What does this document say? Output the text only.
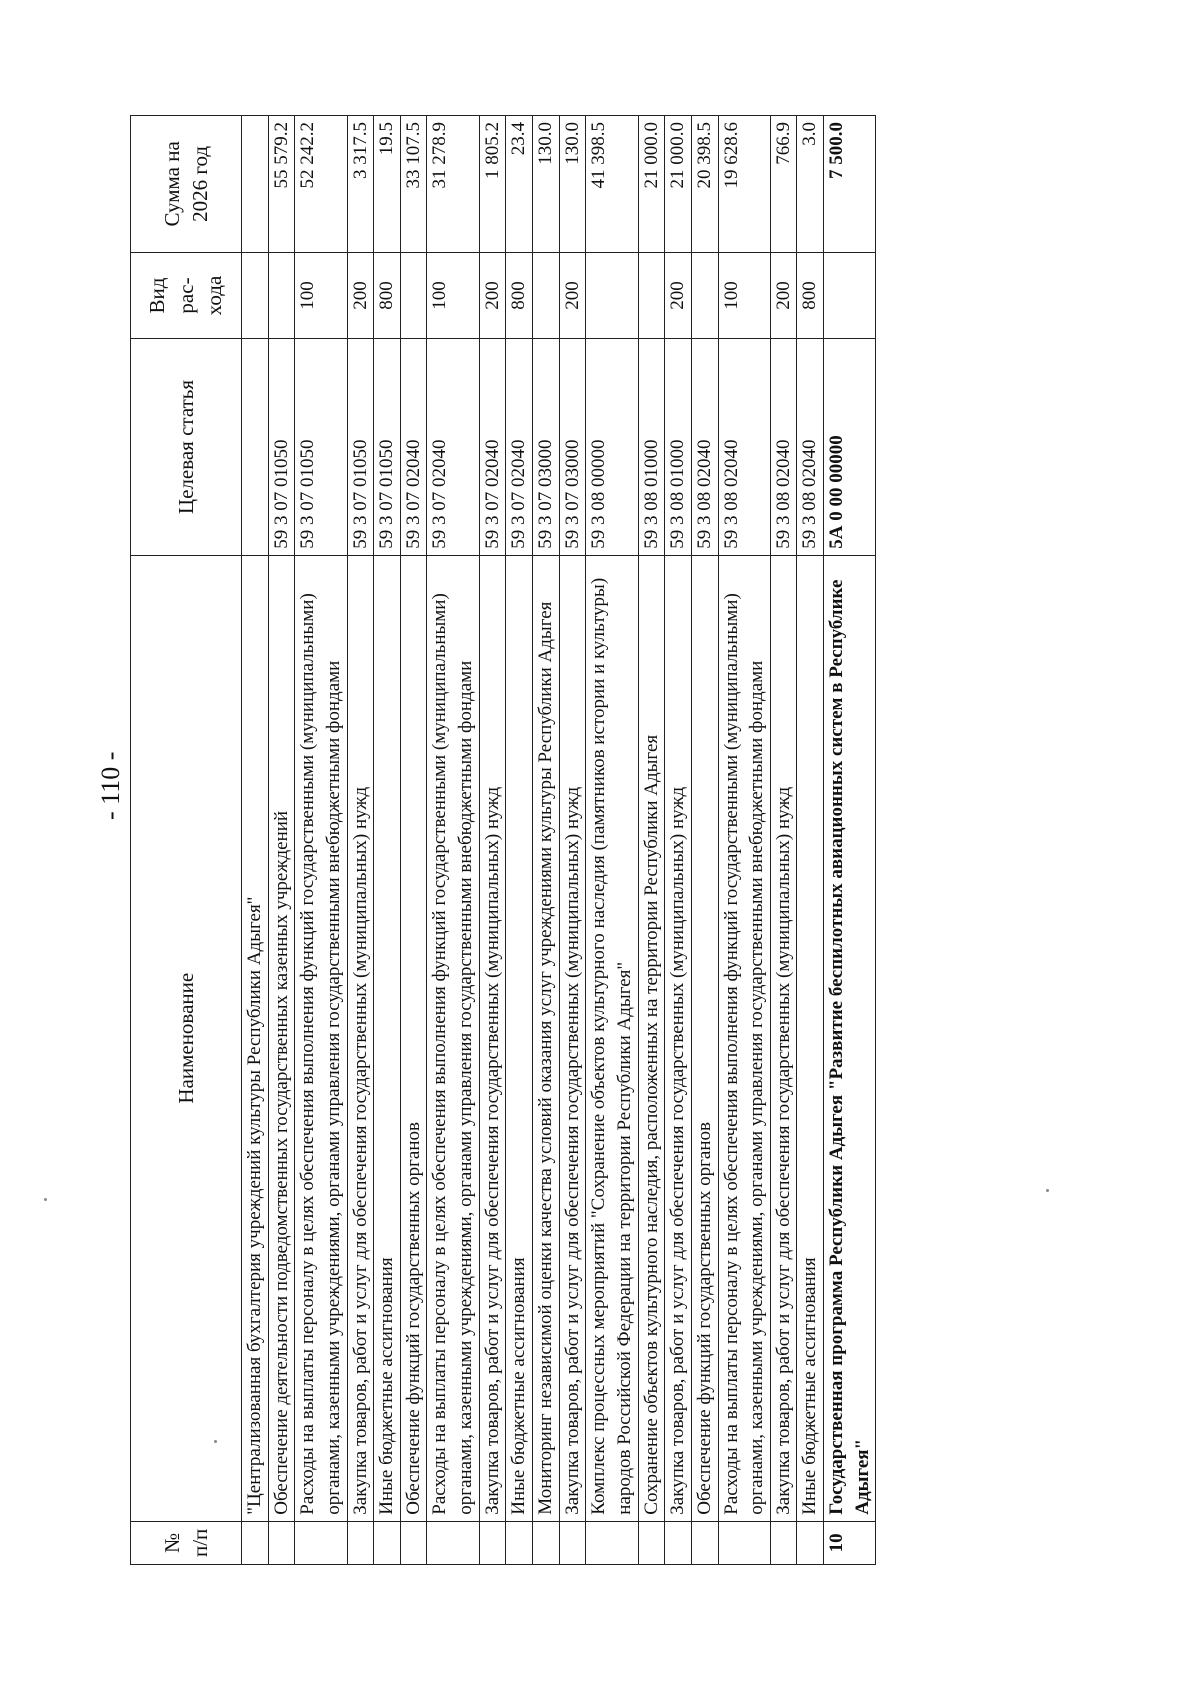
- 110 -
№ п/п	Наименование	Целевая статья	Вид рас- хода	Сумма на 2026 год
	"Централизованная бухгалтерия учреждений культуры Республики Адыгея"			
	Обеспечение деятельности подведомственных государственных казенных учреждений	59 3 07 01050		55 579.2
	Расходы на выплаты персоналу в целях обеспечения выполнения функций государственными (муниципальными) органами, казенными учреждениями, органами управления государственными внебюджетными фондами	59 3 07 01050	100	52 242.2
	Закупка товаров, работ и услуг для обеспечения государственных (муниципальных) нужд	59 3 07 01050	200	3 317.5
	Иные бюджетные ассигнования	59 3 07 01050	800	19.5
	Обеспечение функций государственных органов	59 3 07 02040		33 107.5
	Расходы на выплаты персоналу в целях обеспечения выполнения функций государственными (муниципальными) органами, казенными учреждениями, органами управления государственными внебюджетными фондами	59 3 07 02040	100	31 278.9
	Закупка товаров, работ и услуг для обеспечения государственных (муниципальных) нужд	59 3 07 02040	200	1 805.2
	Иные бюджетные ассигнования	59 3 07 02040	800	23.4
	Мониторинг независимой оценки качества условий оказания услуг учреждениями культуры Республики Адыгея	59 3 07 03000		130.0
	Закупка товаров, работ и услуг для обеспечения государственных (муниципальных) нужд	59 3 07 03000	200	130.0
	Комплекс процессных мероприятий "Сохранение объектов культурного наследия (памятников истории и культуры) народов Российской Федерации на территории Республики Адыгея"	59 3 08 00000		41 398.5
	Сохранение объектов культурного наследия, расположенных на территории Республики Адыгея	59 3 08 01000		21 000.0
	Закупка товаров, работ и услуг для обеспечения государственных (муниципальных) нужд	59 3 08 01000	200	21 000.0
	Обеспечение функций государственных органов	59 3 08 02040		20 398.5
	Расходы на выплаты персоналу в целях обеспечения выполнения функций государственными (муниципальными) органами, казенными учреждениями, органами управления государственными внебюджетными фондами	59 3 08 02040	100	19 628.6
	Закупка товаров, работ и услуг для обеспечения государственных (муниципальных) нужд	59 3 08 02040	200	766.9
	Иные бюджетные ассигнования	59 3 08 02040	800	3.0
10	Государственная программа Республики Адыгея "Развитие беспилотных авиационных систем в Республике Адыгея"	5А 0 00 00000		7 500.0
